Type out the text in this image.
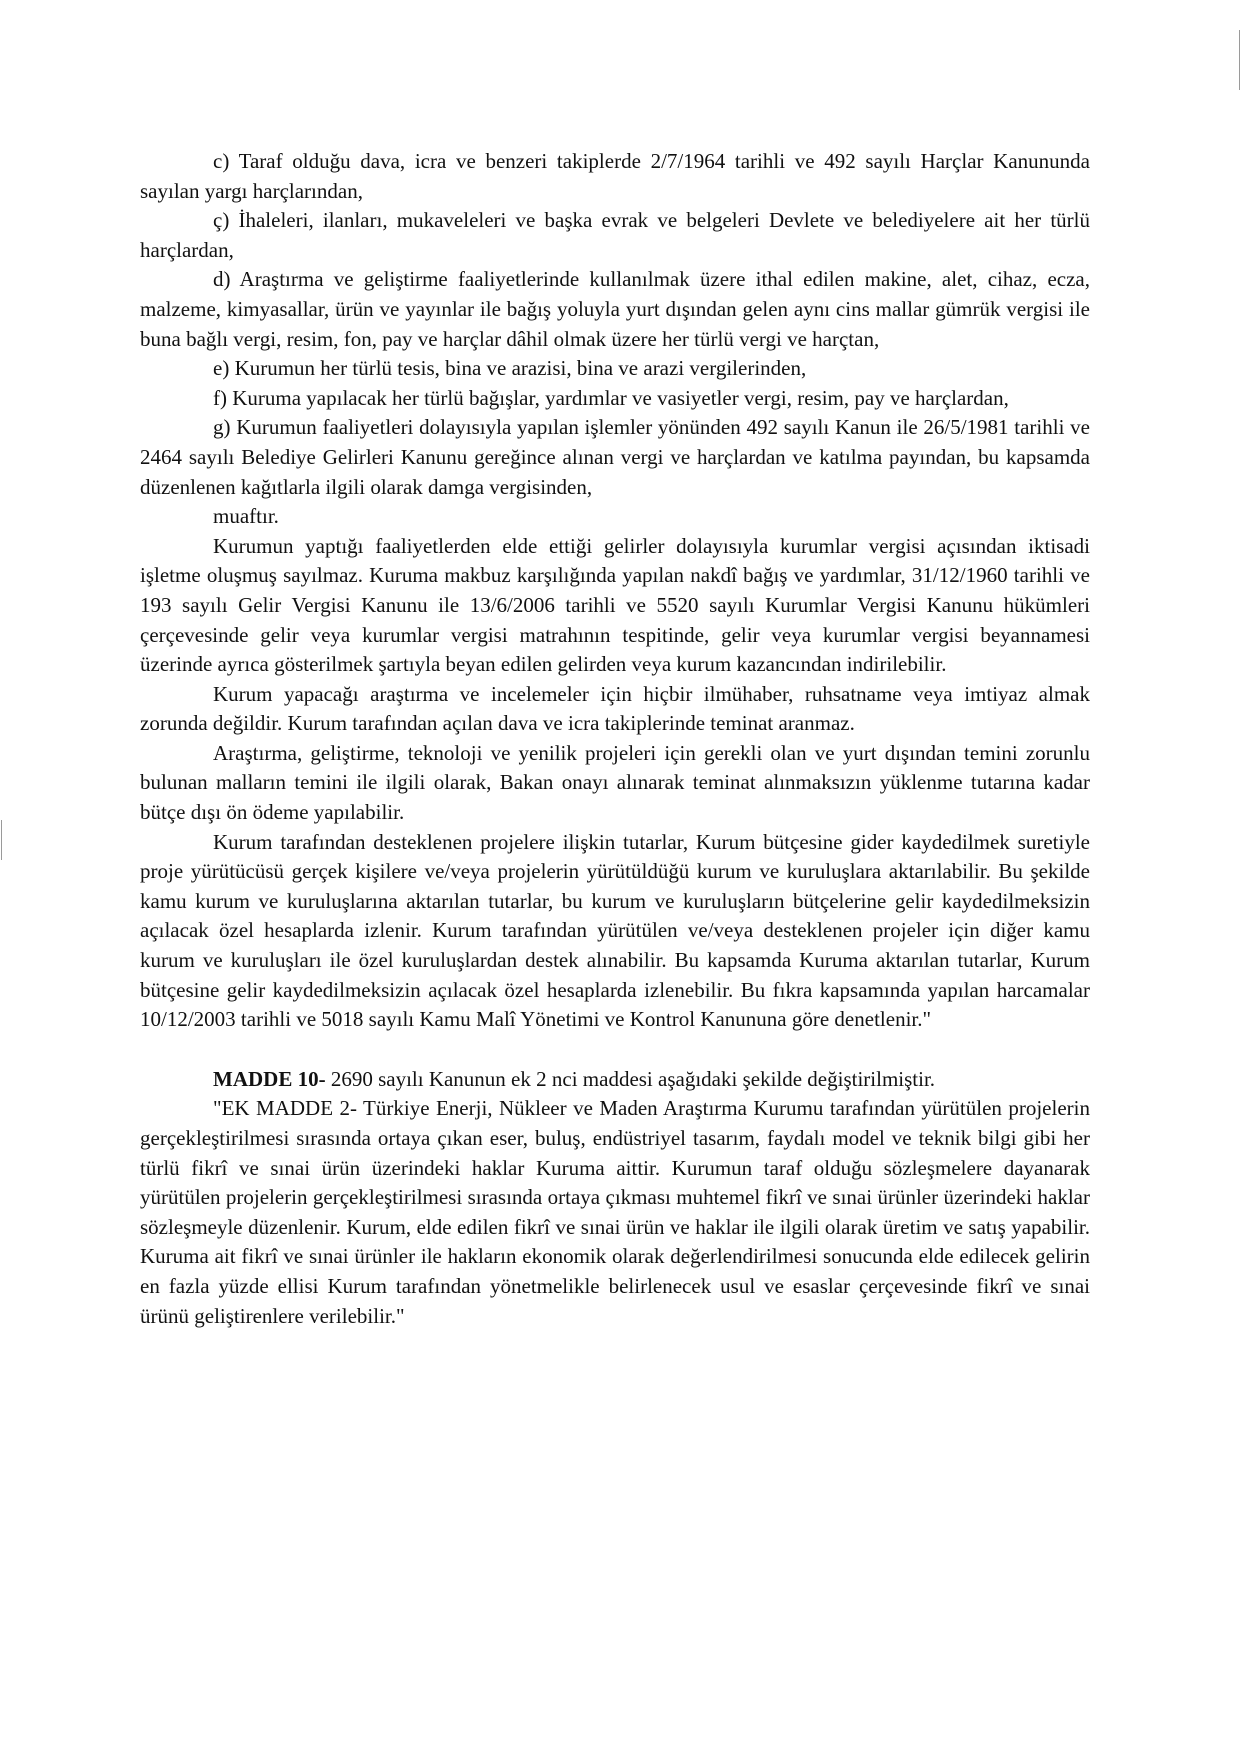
c) Taraf olduğu dava, icra ve benzeri takiplerde 2/7/1964 tarihli ve 492 sayılı Harçlar Kanununda sayılan yargı harçlarından,

ç) İhaleleri, ilanları, mukaveleleri ve başka evrak ve belgeleri Devlete ve belediyelere ait her türlü harçlardan,

d) Araştırma ve geliştirme faaliyetlerinde kullanılmak üzere ithal edilen makine, alet, cihaz, ecza, malzeme, kimyasallar, ürün ve yayınlar ile bağış yoluyla yurt dışından gelen aynı cins mallar gümrük vergisi ile buna bağlı vergi, resim, fon, pay ve harçlar dâhil olmak üzere her türlü vergi ve harçtan,

e) Kurumun her türlü tesis, bina ve arazisi, bina ve arazi vergilerinden,

f) Kuruma yapılacak her türlü bağışlar, yardımlar ve vasiyetler vergi, resim, pay ve harçlardan,

g) Kurumun faaliyetleri dolayısıyla yapılan işlemler yönünden 492 sayılı Kanun ile 26/5/1981 tarihli ve 2464 sayılı Belediye Gelirleri Kanunu gereğince alınan vergi ve harçlardan ve katılma payından, bu kapsamda düzenlenen kağıtlarla ilgili olarak damga vergisinden,

muaftır.

Kurumun yaptığı faaliyetlerden elde ettiği gelirler dolayısıyla kurumlar vergisi açısından iktisadi işletme oluşmuş sayılmaz. Kuruma makbuz karşılığında yapılan nakdî bağış ve yardımlar, 31/12/1960 tarihli ve 193 sayılı Gelir Vergisi Kanunu ile 13/6/2006 tarihli ve 5520 sayılı Kurumlar Vergisi Kanunu hükümleri çerçevesinde gelir veya kurumlar vergisi matrahının tespitinde, gelir veya kurumlar vergisi beyannamesi üzerinde ayrıca gösterilmek şartıyla beyan edilen gelirden veya kurum kazancından indirilebilir.

Kurum yapacağı araştırma ve incelemeler için hiçbir ilmühaber, ruhsatname veya imtiyaz almak zorunda değildir. Kurum tarafından açılan dava ve icra takiplerinde teminat aranmaz.

Araştırma, geliştirme, teknoloji ve yenilik projeleri için gerekli olan ve yurt dışından temini zorunlu bulunan malların temini ile ilgili olarak, Bakan onayı alınarak teminat alınmaksızın yüklenme tutarına kadar bütçe dışı ön ödeme yapılabilir.

Kurum tarafından desteklenen projelere ilişkin tutarlar, Kurum bütçesine gider kaydedilmek suretiyle proje yürütücüsü gerçek kişilere ve/veya projelerin yürütüldüğü kurum ve kuruluşlara aktarılabilir. Bu şekilde kamu kurum ve kuruluşlarına aktarılan tutarlar, bu kurum ve kuruluşların bütçelerine gelir kaydedilmeksizin açılacak özel hesaplarda izlenir. Kurum tarafından yürütülen ve/veya desteklenen projeler için diğer kamu kurum ve kuruluşları ile özel kuruluşlardan destek alınabilir. Bu kapsamda Kuruma aktarılan tutarlar, Kurum bütçesine gelir kaydedilmeksizin açılacak özel hesaplarda izlenebilir. Bu fıkra kapsamında yapılan harcamalar 10/12/2003 tarihli ve 5018 sayılı Kamu Malî Yönetimi ve Kontrol Kanununa göre denetlenir."

MADDE 10- 2690 sayılı Kanunun ek 2 nci maddesi aşağıdaki şekilde değiştirilmiştir.

"EK MADDE 2- Türkiye Enerji, Nükleer ve Maden Araştırma Kurumu tarafından yürütülen projelerin gerçekleştirilmesi sırasında ortaya çıkan eser, buluş, endüstriyel tasarım, faydalı model ve teknik bilgi gibi her türlü fikrî ve sınai ürün üzerindeki haklar Kuruma aittir. Kurumun taraf olduğu sözleşmelere dayanarak yürütülen projelerin gerçekleştirilmesi sırasında ortaya çıkması muhtemel fikrî ve sınai ürünler üzerindeki haklar sözleşmeyle düzenlenir. Kurum, elde edilen fikrî ve sınai ürün ve haklar ile ilgili olarak üretim ve satış yapabilir. Kuruma ait fikrî ve sınai ürünler ile hakların ekonomik olarak değerlendirilmesi sonucunda elde edilecek gelirin en fazla yüzde ellisi Kurum tarafından yönetmelikle belirlenecek usul ve esaslar çerçevesinde fikrî ve sınai ürünü geliştirenlere verilebilir."
